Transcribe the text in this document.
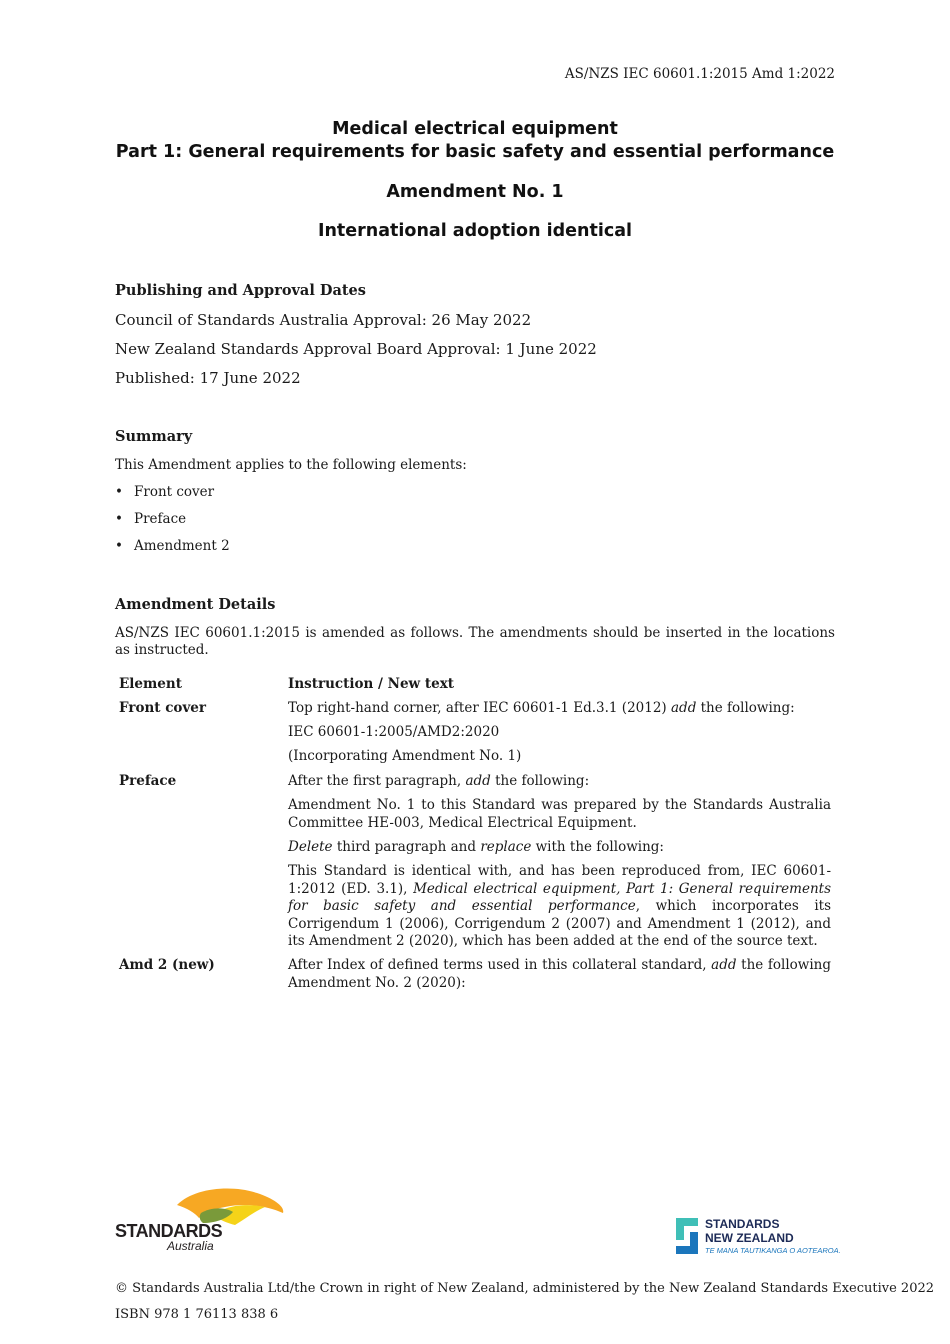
AS/NZS IEC 60601.1:2015 Amd 1:2022
Medical electrical equipment
Part 1: General requirements for basic safety and essential performance
Amendment No. 1
International adoption identical
Publishing and Approval Dates
Council of Standards Australia Approval: 26 May 2022
New Zealand Standards Approval Board Approval: 1 June 2022
Published: 17 June 2022
Summary
This Amendment applies to the following elements:
• Front cover
• Preface
• Amendment 2
Amendment Details
AS/NZS IEC 60601.1:2015 is amended as follows. The amendments should be inserted in the locations as instructed.
Element	Instruction / New text
Front cover	Top right-hand corner, after IEC 60601-1 Ed.3.1 (2012) add the following:
IEC 60601-1:2005/AMD2:2020
(Incorporating Amendment No. 1)
Preface	After the first paragraph, add the following:
Amendment No. 1 to this Standard was prepared by the Standards Australia Committee HE-003, Medical Electrical Equipment.
Delete third paragraph and replace with the following:
This Standard is identical with, and has been reproduced from, IEC 60601-1:2012 (ED. 3.1), Medical electrical equipment, Part 1: General requirements for basic safety and essential performance, which incorporates its Corrigendum 1 (2006), Corrigendum 2 (2007) and Amendment 1 (2012), and its Amendment 2 (2020), which has been added at the end of the source text.
Amd 2 (new)	After Index of defined terms used in this collateral standard, add the following Amendment No. 2 (2020):
STANDARDS
Australia
STANDARDS
NEW ZEALAND
TE MANA TAUTIKANGA O AOTEAROA.
© Standards Australia Ltd/the Crown in right of New Zealand, administered by the New Zealand Standards Executive 2022
ISBN 978 1 76113 838 6
